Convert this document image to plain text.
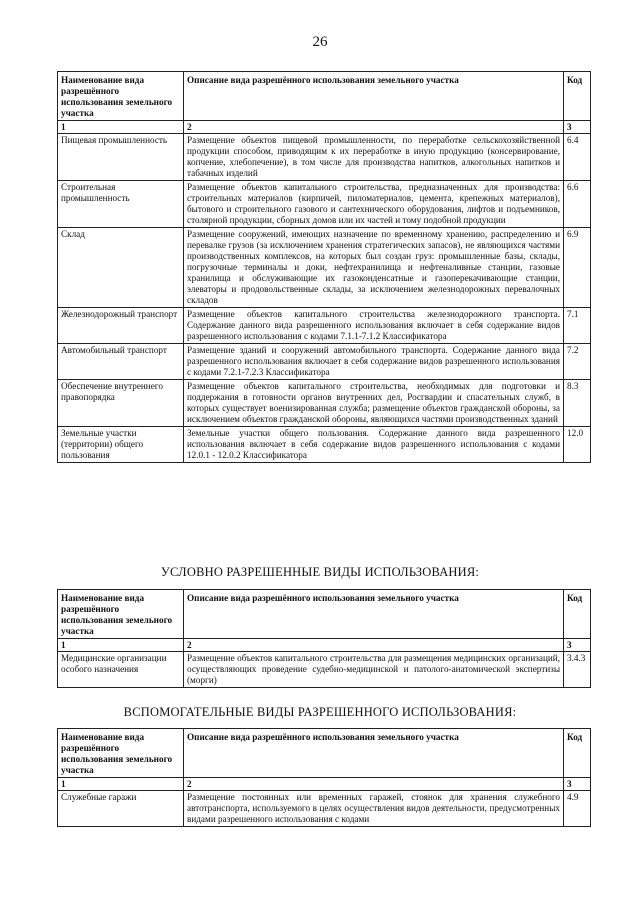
26
Наименование вида разрешённого использования земельного участка	Описание вида разрешённого использования земельного участка	Код
1	2	3
Пищевая промышленность	Размещение объектов пищевой промышленности, по переработке сельскохозяйственной продукции способом, приводящим к их переработке в иную продукцию (консервирование, копчение, хлебопечение), в том числе для производства напитков, алкогольных напитков и табачных изделий	6.4
Строительная промышленность	Размещение объектов капитального строительства, предназначенных для производства: строительных материалов (кирпичей, пиломатериалов, цемента, крепежных материалов), бытового и строительного газового и сантехнического оборудования, лифтов и подъемников, столярной продукции, сборных домов или их частей и тому подобной продукции	6.6
Склад	Размещение сооружений, имеющих назначение по временному хранению, распределению и перевалке грузов (за исключением хранения стратегических запасов), не являющихся частями производственных комплексов, на которых был создан груз: промышленные базы, склады, погрузочные терминалы и доки, нефтехранилища и нефтеналивные станции, газовые хранилища и обслуживающие их газоконденсатные и газоперекачивающие станции, элеваторы и продовольственные склады, за исключением железнодорожных перевалочных складов	6.9
Железнодорожный транспорт	Размещение объектов капитального строительства железнодорожного транспорта. Содержание данного вида разрешенного использования включает в себя содержание видов разрешенного использования с кодами 7.1.1-7.1.2 Классификатора	7.1
Автомобильный транспорт	Размещение зданий и сооружений автомобильного транспорта. Содержание данного вида разрешенного использования включает в себя содержание видов разрешенного использования с кодами 7.2.1-7.2.3 Классификатора	7.2
Обеспечение внутреннего правопорядка	Размещение объектов капитального строительства, необходимых для подготовки и поддержания в готовности органов внутренних дел, Росгвардии и спасательных служб, в которых существует военизированная служба; размещение объектов гражданской обороны, за исключением объектов гражданской обороны, являющихся частями производственных зданий	8.3
Земельные участки (территории) общего пользования	Земельные участки общего пользования. Содержание данного вида разрешенного использования включает в себя содержание видов разрешенного использования с кодами 12.0.1 - 12.0.2 Классификатора	12.0
УСЛОВНО РАЗРЕШЕННЫЕ ВИДЫ ИСПОЛЬЗОВАНИЯ:
Наименование вида разрешённого использования земельного участка	Описание вида разрешённого использования земельного участка	Код
1	2	3
Медицинские организации особого назначения	Размещение объектов капитального строительства для размещения медицинских организаций, осуществляющих проведение судебно-медицинской и патолого-анатомической экспертизы (морги)	3.4.3
ВСПОМОГАТЕЛЬНЫЕ ВИДЫ РАЗРЕШЕННОГО ИСПОЛЬЗОВАНИЯ:
Наименование вида разрешённого использования земельного участка	Описание вида разрешённого использования земельного участка	Код
1	2	3
Служебные гаражи	Размещение постоянных или временных гаражей, стоянок для хранения служебного автотранспорта, используемого в целях осуществления видов деятельности, предусмотренных видами разрешенного использования с кодами	4.9
